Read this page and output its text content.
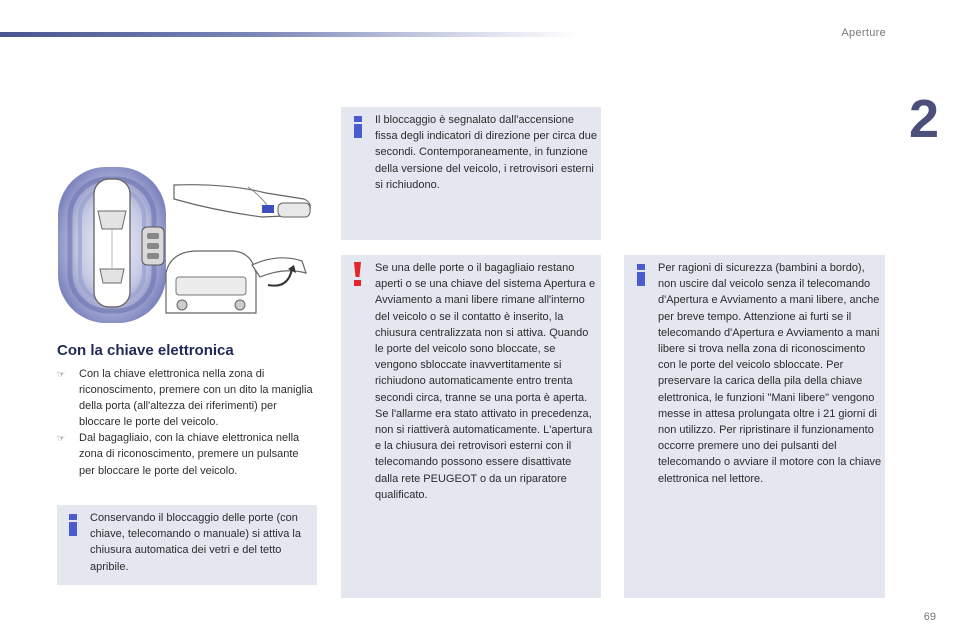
Aperture
2
Con la chiave elettronica
☞ Con la chiave elettronica nella zona di riconoscimento, premere con un dito la maniglia della porta (all'altezza dei riferimenti) per bloccare le porte del veicolo.
☞ Dal bagagliaio, con la chiave elettronica nella zona di riconoscimento, premere un pulsante per bloccare le porte del veicolo.
Conservando il bloccaggio delle porte (con chiave, telecomando o manuale) si attiva la chiusura automatica dei vetri e del tetto apribile.
Il bloccaggio è segnalato dall'accensione fissa degli indicatori di direzione per circa due secondi. Contemporaneamente, in funzione della versione del veicolo, i retrovisori esterni si richiudono.
Se una delle porte o il bagagliaio restano aperti o se una chiave del sistema Apertura e Avviamento a mani libere rimane all'interno del veicolo o se il contatto è inserito, la chiusura centralizzata non si attiva. Quando le porte del veicolo sono bloccate, se vengono sbloccate inavvertitamente si richiudono automaticamente entro trenta secondi circa, tranne se una porta è aperta. Se l'allarme era stato attivato in precedenza, non si riattiverà automaticamente. L'apertura e la chiusura dei retrovisori esterni con il telecomando possono essere disattivate dalla rete PEUGEOT o da un riparatore qualificato.
Per ragioni di sicurezza (bambini a bordo), non uscire dal veicolo senza il telecomando d'Apertura e Avviamento a mani libere, anche per breve tempo. Attenzione ai furti se il telecomando d'Apertura e Avviamento a mani libere si trova nella zona di riconoscimento con le porte del veicolo sbloccate. Per preservare la carica della pila della chiave elettronica, le funzioni "Mani libere" vengono messe in attesa prolungata oltre i 21 giorni di non utilizzo. Per ripristinare il funzionamento occorre premere uno dei pulsanti del telecomando o avviare il motore con la chiave elettronica nel lettore.
69
